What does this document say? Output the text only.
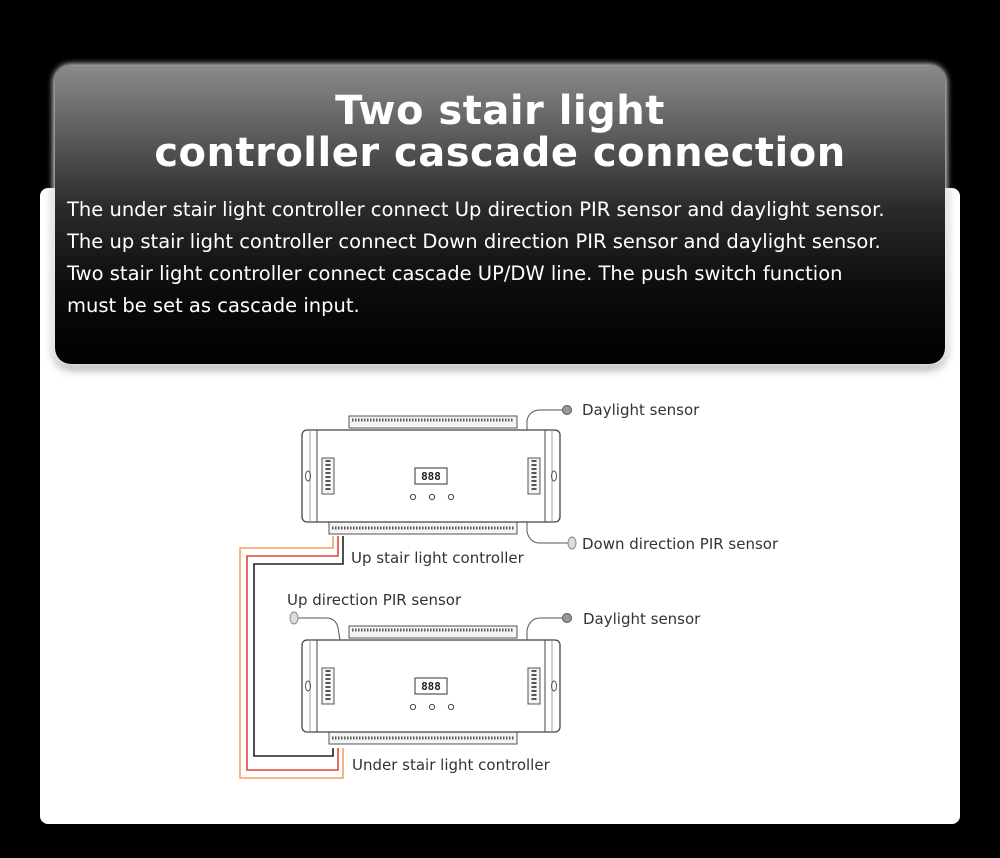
Two stair light
controller cascade connection
The under stair light controller connect Up direction PIR sensor and daylight sensor.
The up stair light controller connect Down direction PIR sensor and daylight sensor.
Two stair light controller connect cascade UP/DW line. The push switch function
must be set as cascade input.
888
888
Daylight sensor
Down direction PIR sensor
Up stair light controller
Up direction PIR sensor
Daylight sensor
Under stair light controller
